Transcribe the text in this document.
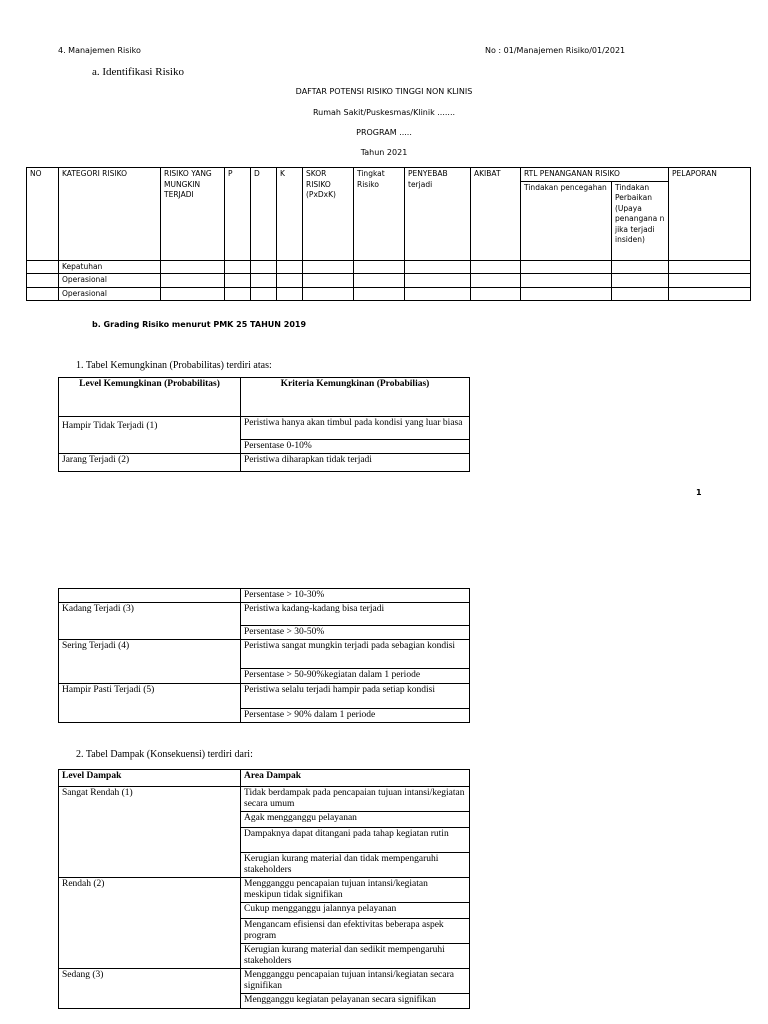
4. Manajemen Risiko	No : 01/Manajemen Risiko/01/2021
a. Identifikasi Risiko
DAFTAR POTENSI RISIKO TINGGI NON KLINIS
Rumah Sakit/Puskesmas/Klinik .......
PROGRAM .....
Tahun 2021
NO	KATEGORI RISIKO	RISIKO YANG MUNGKIN TERJADI	P	D	K	SKOR RISIKO (PxDxK)	Tingkat Risiko	PENYEBAB terjadi	AKIBAT	RTL PENANGANAN RISIKO		PELAPORAN
										Tindakan pencegahan	Tindakan Perbaikan (Upaya penangana n jika terjadi insiden)	
	Kepatuhan											
	Operasional											
	Operasional											
b. Grading Risiko menurut PMK 25 TAHUN 2019
1. Tabel Kemungkinan (Probabilitas) terdiri atas:
Level Kemungkinan (Probabilitas)	Kriteria Kemungkinan (Probabilias)
Hampir Tidak Terjadi (1)	Peristiwa hanya akan timbul pada kondisi yang luar biasa
	Persentase 0-10%
Jarang Terjadi (2)	Peristiwa diharapkan tidak terjadi
1
	Persentase > 10-30%
Kadang Terjadi (3)	Peristiwa kadang-kadang bisa terjadi
	Persentase > 30-50%
Sering Terjadi (4)	Peristiwa sangat mungkin terjadi pada sebagian kondisi
	Persentase > 50-90%kegiatan dalam 1 periode
Hampir Pasti Terjadi (5)	Peristiwa selalu terjadi hampir pada setiap kondisi
	Persentase > 90% dalam 1 periode
2. Tabel Dampak (Konsekuensi) terdiri dari:
Level Dampak	Area Dampak
Sangat Rendah (1)	Tidak berdampak pada pencapaian tujuan intansi/kegiatan secara umum
	Agak mengganggu pelayanan
	Dampaknya dapat ditangani pada tahap kegiatan rutin
	Kerugian kurang material dan tidak mempengaruhi stakeholders
Rendah (2)	Mengganggu pencapaian tujuan intansi/kegiatan meskipun tidak signifikan
	Cukup mengganggu jalannya pelayanan
	Mengancam efisiensi dan efektivitas beberapa aspek program
	Kerugian kurang material dan sedikit mempengaruhi stakeholders
Sedang (3)	Mengganggu pencapaian tujuan intansi/kegiatan secara signifikan
	Mengganggu kegiatan pelayanan secara signifikan
